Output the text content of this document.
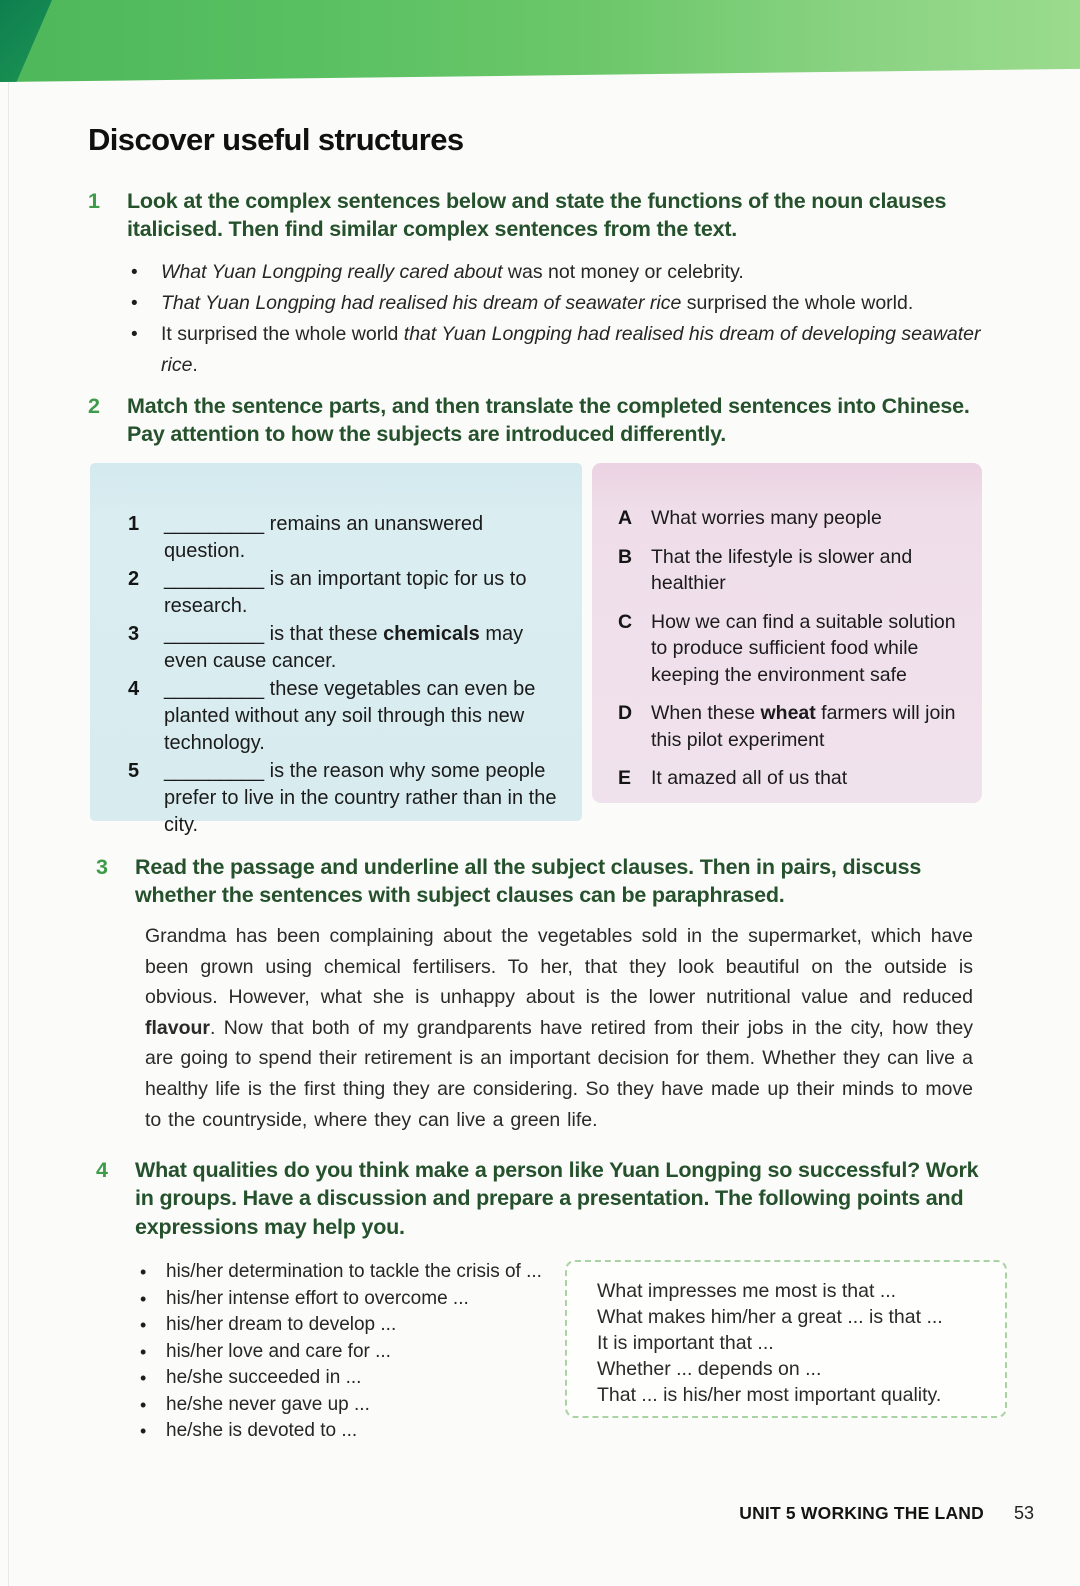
Discover useful structures
1	Look at the complex sentences below and state the functions of the noun clauses italicised. Then find similar complex sentences from the text.
• What Yuan Longping really cared about was not money or celebrity.
• That Yuan Longping had realised his dream of seawater rice surprised the whole world.
• It surprised the whole world that Yuan Longping had realised his dream of developing seawater rice.
2	Match the sentence parts, and then translate the completed sentences into Chinese. Pay attention to how the subjects are introduced differently.
1	_________ remains an unanswered question.
2	_________ is an important topic for us to research.
3	_________ is that these chemicals may even cause cancer.
4	_________ these vegetables can even be planted without any soil through this new technology.
5	_________ is the reason why some people prefer to live in the country rather than in the city.
A What worries many people
B That the lifestyle is slower and healthier
C How we can find a suitable solution to produce sufficient food while keeping the environment safe
D When these wheat farmers will join this pilot experiment
E	It amazed all of us that
3	Read the passage and underline all the subject clauses. Then in pairs, discuss whether the sentences with subject clauses can be paraphrased.
Grandma has been complaining about the vegetables sold in the supermarket, which have been grown using chemical fertilisers. To her, that they look beautiful on the outside is obvious. However, what she is unhappy about is the lower nutritional value and reduced flavour. Now that both of my grandparents have retired from their jobs in the city, how they are going to spend their retirement is an important decision for them. Whether they can live a healthy life is the first thing they are considering. So they have made up their minds to move to the countryside, where they can live a green life.
4	What qualities do you think make a person like Yuan Longping so successful? Work in groups. Have a discussion and prepare a presentation. The following points and expressions may help you.
• his/her determination to tackle the crisis of ...
• his/her intense effort to overcome ...
• his/her dream to develop ...
• his/her love and care for ...
• he/she succeeded in ...
• he/she never gave up ...
• he/she is devoted to ...
What impresses me most is that ...
What makes him/her a great ... is that ...
It is important that ...
Whether ... depends on ...
That ... is his/her most important quality.
UNIT 5 WORKING THE LAND 53
